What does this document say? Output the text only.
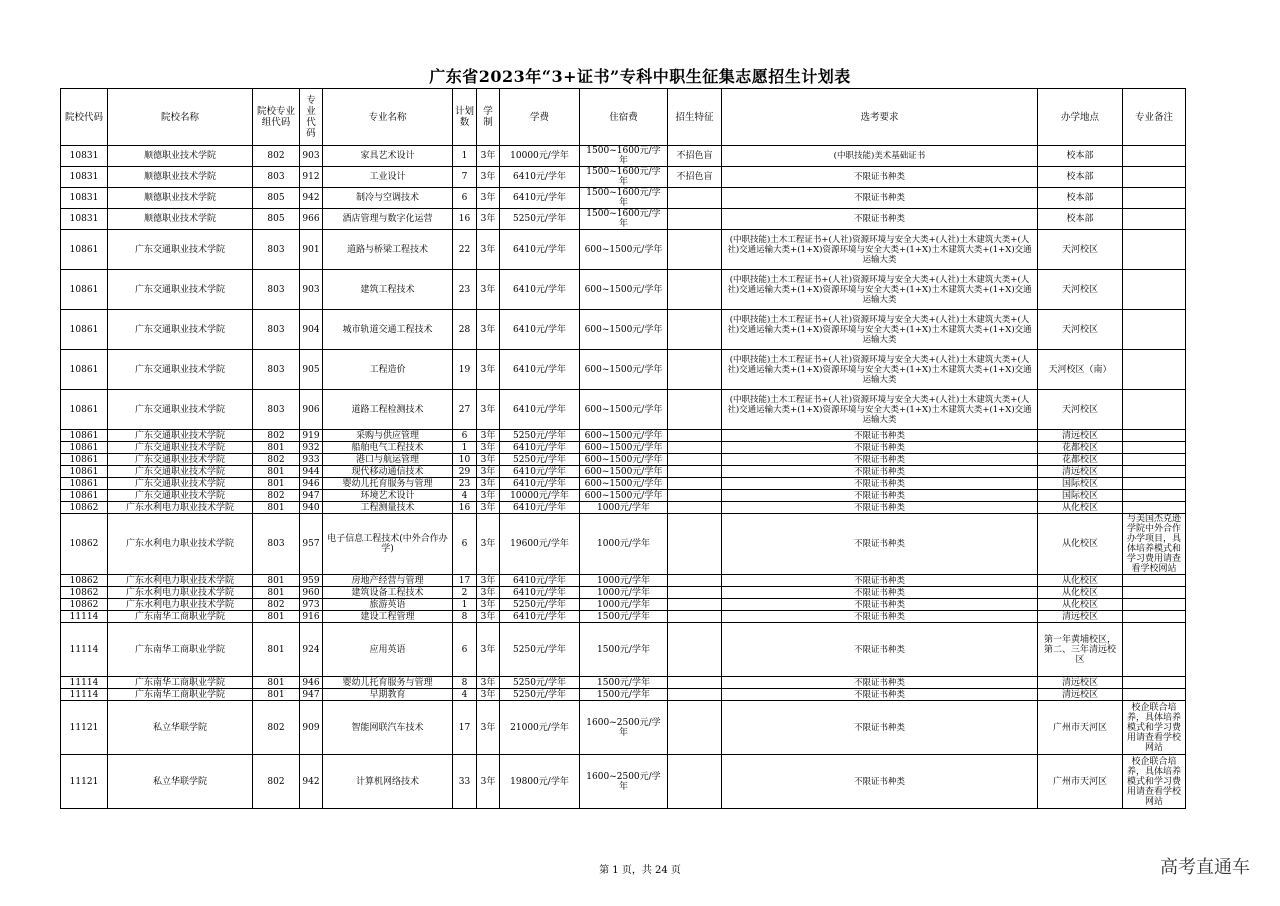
广东省2023年“3+证书”专科中职生征集志愿招生计划表
院校代码	院校名称	院校专业组代码	专业代码	专业名称	计划数	学制	学费	住宿费	招生特征	选考要求	办学地点	专业备注
10831	顺德职业技术学院	802	903	家具艺术设计	1	3年	10000元/学年	1500~1600元/学年	不招色盲	(中职技能)美术基础证书	校本部	
10831	顺德职业技术学院	803	912	工业设计	7	3年	6410元/学年	1500~1600元/学年	不招色盲	不限证书种类	校本部	
10831	顺德职业技术学院	805	942	制冷与空调技术	6	3年	6410元/学年	1500~1600元/学年		不限证书种类	校本部	
10831	顺德职业技术学院	805	966	酒店管理与数字化运营	16	3年	5250元/学年	1500~1600元/学年		不限证书种类	校本部	
10861	广东交通职业技术学院	803	901	道路与桥梁工程技术	22	3年	6410元/学年	600~1500元/学年		(中职技能)土木工程证书+(人社)资源环境与安全大类+(人社)土木建筑大类+(人社)交通运输大类+(1+X)资源环境与安全大类+(1+X)土木建筑大类+(1+X)交通运输大类	天河校区	
10861	广东交通职业技术学院	803	903	建筑工程技术	23	3年	6410元/学年	600~1500元/学年		(中职技能)土木工程证书+(人社)资源环境与安全大类+(人社)土木建筑大类+(人社)交通运输大类+(1+X)资源环境与安全大类+(1+X)土木建筑大类+(1+X)交通运输大类	天河校区	
10861	广东交通职业技术学院	803	904	城市轨道交通工程技术	28	3年	6410元/学年	600~1500元/学年		(中职技能)土木工程证书+(人社)资源环境与安全大类+(人社)土木建筑大类+(人社)交通运输大类+(1+X)资源环境与安全大类+(1+X)土木建筑大类+(1+X)交通运输大类	天河校区	
10861	广东交通职业技术学院	803	905	工程造价	19	3年	6410元/学年	600~1500元/学年		(中职技能)土木工程证书+(人社)资源环境与安全大类+(人社)土木建筑大类+(人社)交通运输大类+(1+X)资源环境与安全大类+(1+X)土木建筑大类+(1+X)交通运输大类	天河校区（南）	
10861	广东交通职业技术学院	803	906	道路工程检测技术	27	3年	6410元/学年	600~1500元/学年		(中职技能)土木工程证书+(人社)资源环境与安全大类+(人社)土木建筑大类+(人社)交通运输大类+(1+X)资源环境与安全大类+(1+X)土木建筑大类+(1+X)交通运输大类	天河校区	
10861	广东交通职业技术学院	802	919	采购与供应管理	6	3年	5250元/学年	600~1500元/学年		不限证书种类	清远校区	
10861	广东交通职业技术学院	801	932	船舶电气工程技术	1	3年	6410元/学年	600~1500元/学年		不限证书种类	花都校区	
10861	广东交通职业技术学院	802	933	港口与航运管理	10	3年	5250元/学年	600~1500元/学年		不限证书种类	花都校区	
10861	广东交通职业技术学院	801	944	现代移动通信技术	29	3年	6410元/学年	600~1500元/学年		不限证书种类	清远校区	
10861	广东交通职业技术学院	801	946	婴幼儿托育服务与管理	23	3年	6410元/学年	600~1500元/学年		不限证书种类	国际校区	
10861	广东交通职业技术学院	802	947	环境艺术设计	4	3年	10000元/学年	600~1500元/学年		不限证书种类	国际校区	
10862	广东水利电力职业技术学院	801	940	工程测量技术	16	3年	6410元/学年	1000元/学年		不限证书种类	从化校区	
10862	广东水利电力职业技术学院	803	957	电子信息工程技术(中外合作办学)	6	3年	19600元/学年	1000元/学年		不限证书种类	从化校区	与美国杰克逊学院中外合作办学项目，具体培养模式和学习费用请查看学校网站
10862	广东水利电力职业技术学院	801	959	房地产经营与管理	17	3年	6410元/学年	1000元/学年		不限证书种类	从化校区	
10862	广东水利电力职业技术学院	801	960	建筑设备工程技术	2	3年	6410元/学年	1000元/学年		不限证书种类	从化校区	
10862	广东水利电力职业技术学院	802	973	旅游英语	1	3年	5250元/学年	1000元/学年		不限证书种类	从化校区	
11114	广东南华工商职业学院	801	916	建设工程管理	8	3年	6410元/学年	1500元/学年		不限证书种类	清远校区	
11114	广东南华工商职业学院	801	924	应用英语	6	3年	5250元/学年	1500元/学年		不限证书种类	第一年黄埔校区，第二、三年清远校区	
11114	广东南华工商职业学院	801	946	婴幼儿托育服务与管理	8	3年	5250元/学年	1500元/学年		不限证书种类	清远校区	
11114	广东南华工商职业学院	801	947	早期教育	4	3年	5250元/学年	1500元/学年		不限证书种类	清远校区	
11121	私立华联学院	802	909	智能网联汽车技术	17	3年	21000元/学年	1600~2500元/学年		不限证书种类	广州市天河区	校企联合培养，具体培养模式和学习费用请查看学校网站
11121	私立华联学院	802	942	计算机网络技术	33	3年	19800元/学年	1600~2500元/学年		不限证书种类	广州市天河区	校企联合培养，具体培养模式和学习费用请查看学校网站
第 1 页，共 24 页	高考直通车
